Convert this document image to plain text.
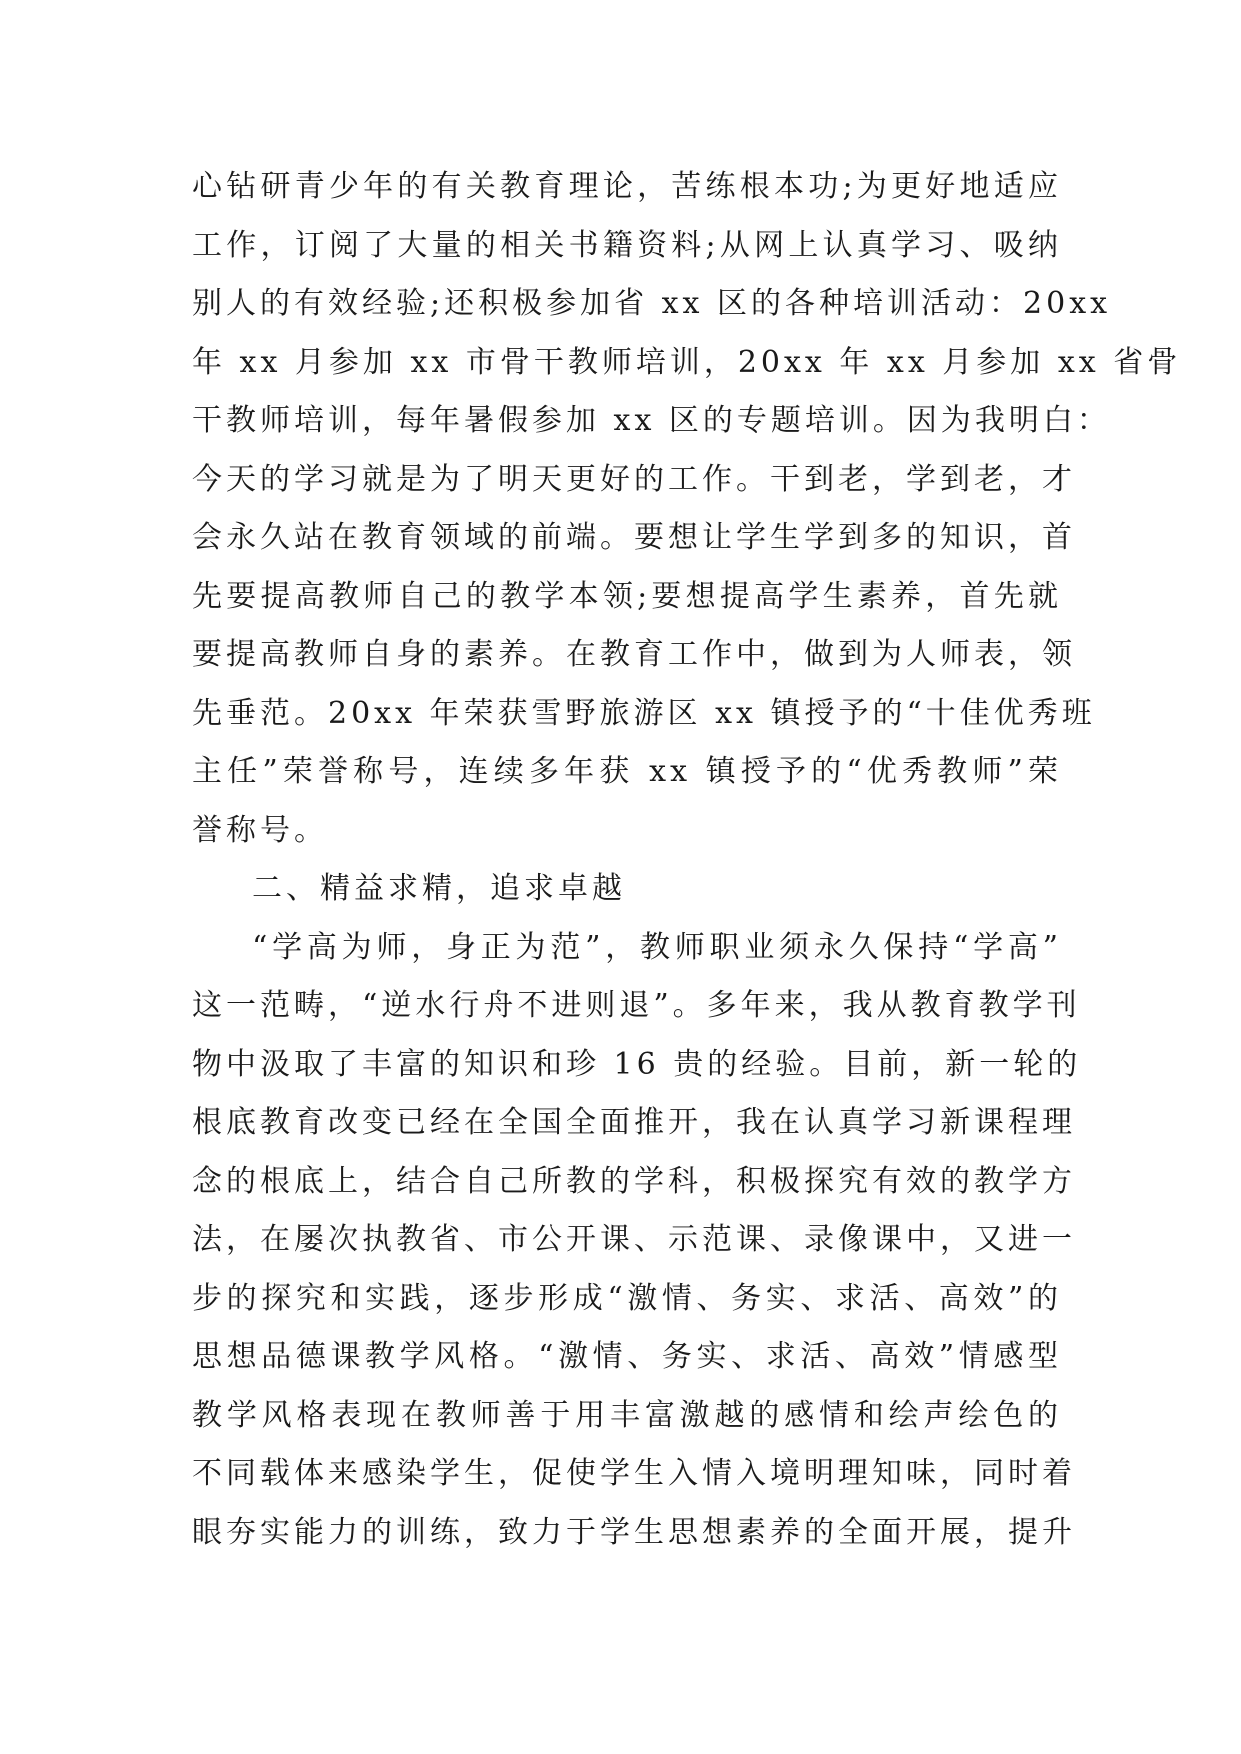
心钻研青少年的有关教育理论，苦练根本功;为更好地适应
工作，订阅了大量的相关书籍资料;从网上认真学习、吸纳
别人的有效经验;还积极参加省 xx 区的各种培训活动：20xx
年 xx 月参加 xx 市骨干教师培训，20xx 年 xx 月参加 xx 省骨
干教师培训，每年暑假参加 xx 区的专题培训。因为我明白：
今天的学习就是为了明天更好的工作。干到老，学到老，才
会永久站在教育领域的前端。要想让学生学到多的知识，首
先要提高教师自己的教学本领;要想提高学生素养，首先就
要提高教师自身的素养。在教育工作中，做到为人师表，领
先垂范。20xx 年荣获雪野旅游区 xx 镇授予的“十佳优秀班
主任”荣誉称号，连续多年获 xx 镇授予的“优秀教师”荣
誉称号。
二、精益求精，追求卓越
“学高为师，身正为范”，教师职业须永久保持“学高”
这一范畴，“逆水行舟不进则退”。多年来，我从教育教学刊
物中汲取了丰富的知识和珍 16 贵的经验。目前，新一轮的
根底教育改变已经在全国全面推开，我在认真学习新课程理
念的根底上，结合自己所教的学科，积极探究有效的教学方
法，在屡次执教省、市公开课、示范课、录像课中，又进一
步的探究和实践，逐步形成“激情、务实、求活、高效”的
思想品德课教学风格。“激情、务实、求活、高效”情感型
教学风格表现在教师善于用丰富激越的感情和绘声绘色的
不同载体来感染学生，促使学生入情入境明理知味，同时着
眼夯实能力的训练，致力于学生思想素养的全面开展，提升
